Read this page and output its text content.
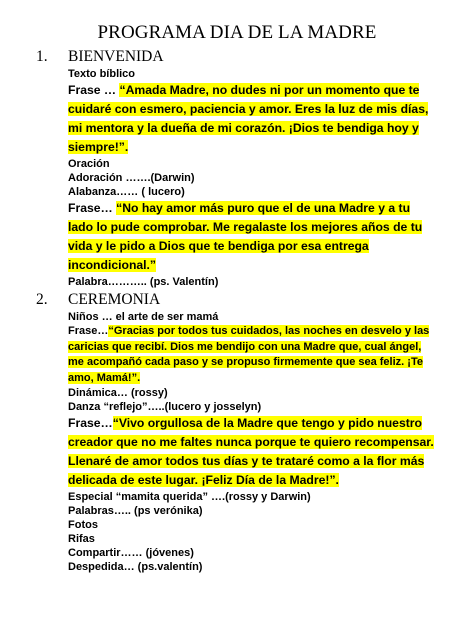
PROGRAMA DIA DE LA MADRE
1.	BIENVENIDA
Texto bíblico
Frase … “Amada Madre, no dudes ni por un momento que te cuidaré con esmero, paciencia y amor. Eres la luz de mis días, mi mentora y la dueña de mi corazón. ¡Dios te bendiga hoy y siempre!”.
Oración
Adoración …….(Darwin)
Alabanza…… ( lucero)
Frase… “No hay amor más puro que el de una Madre y a tu lado lo pude comprobar. Me regalaste los mejores años de tu vida y le pido a Dios que te bendiga por esa entrega incondicional.”
Palabra……….. (ps. Valentín)
2.	CEREMONIA
Niños … el arte de ser mamá
Frase…“Gracias por todos tus cuidados, las noches en desvelo y las caricias que recibí. Dios me bendijo con una Madre que, cual ángel, me acompañó cada paso y se propuso firmemente que sea feliz. ¡Te amo, Mamá!”.
Dinámica… (rossy)
Danza “reflejo”…..(lucero y josselyn)
Frase…“Vivo orgullosa de la Madre que tengo y pido nuestro creador que no me faltes nunca porque te quiero recompensar. Llenaré de amor todos tus días y te trataré como a la flor más delicada de este lugar. ¡Feliz Día de la Madre!”.
Especial “mamita querida” ….(rossy y Darwin)
Palabras….. (ps verónika)
Fotos
Rifas
Compartir…… (jóvenes)
Despedida… (ps.valentín)
